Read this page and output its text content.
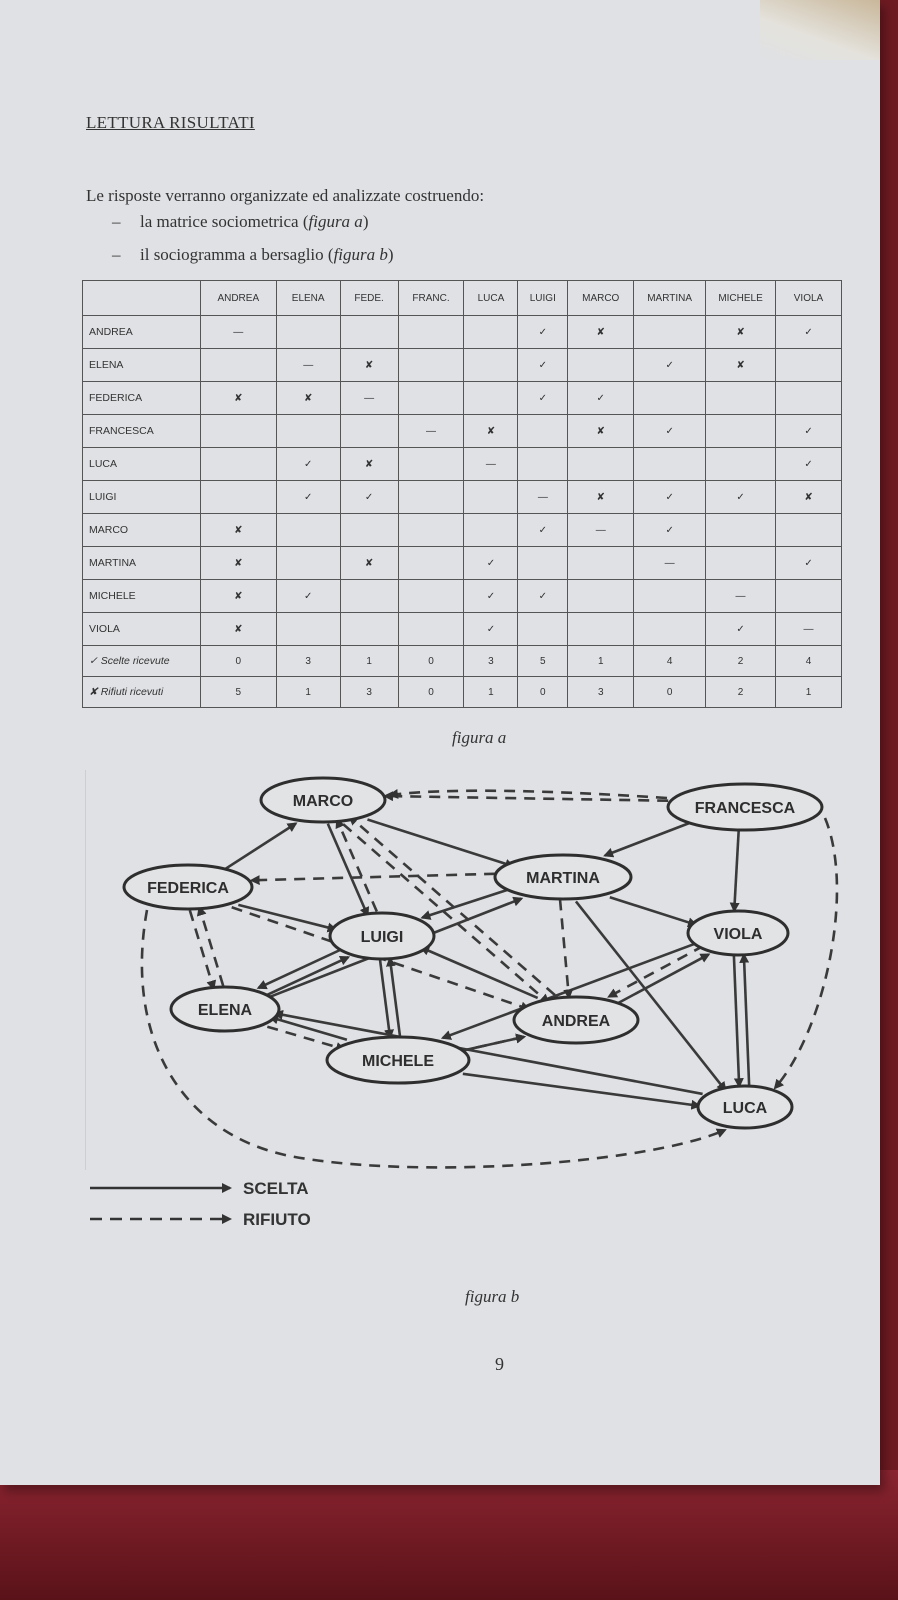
LETTURA RISULTATI
Le risposte verranno organizzate ed analizzate costruendo:
– la matrice sociometrica (figura a)
– il sociogramma a bersaglio (figura b)
	ANDREA	ELENA	FEDE.	FRANC.	LUCA	LUIGI	MARCO	MARTINA	MICHELE	VIOLA
ANDREA	—					✓	✘		✘	✓
ELENA		—	✘			✓		✓	✘	
FEDERICA	✘	✘	—			✓	✓			
FRANCESCA				—	✘		✘	✓		✓
LUCA		✓	✘		—					✓
LUIGI		✓	✓			—	✘	✓	✓	✘
MARCO	✘					✓	—	✓		
MARTINA	✘		✘		✓			—		✓
MICHELE	✘	✓			✓	✓			—	
VIOLA	✘				✓				✓	—
✓ Scelte ricevute	0	3	1	0	3	5	1	4	2	4
✘ Rifiuti ricevuti	5	1	3	0	1	0	3	0	2	1
figura a
MARCO	FRANCESCA
FEDERICA
MARTINA
LUIGI	VIOLA
ELENA
ANDREA
MICHELE
LUCA
SCELTA
RIFIUTO
figura b
9
